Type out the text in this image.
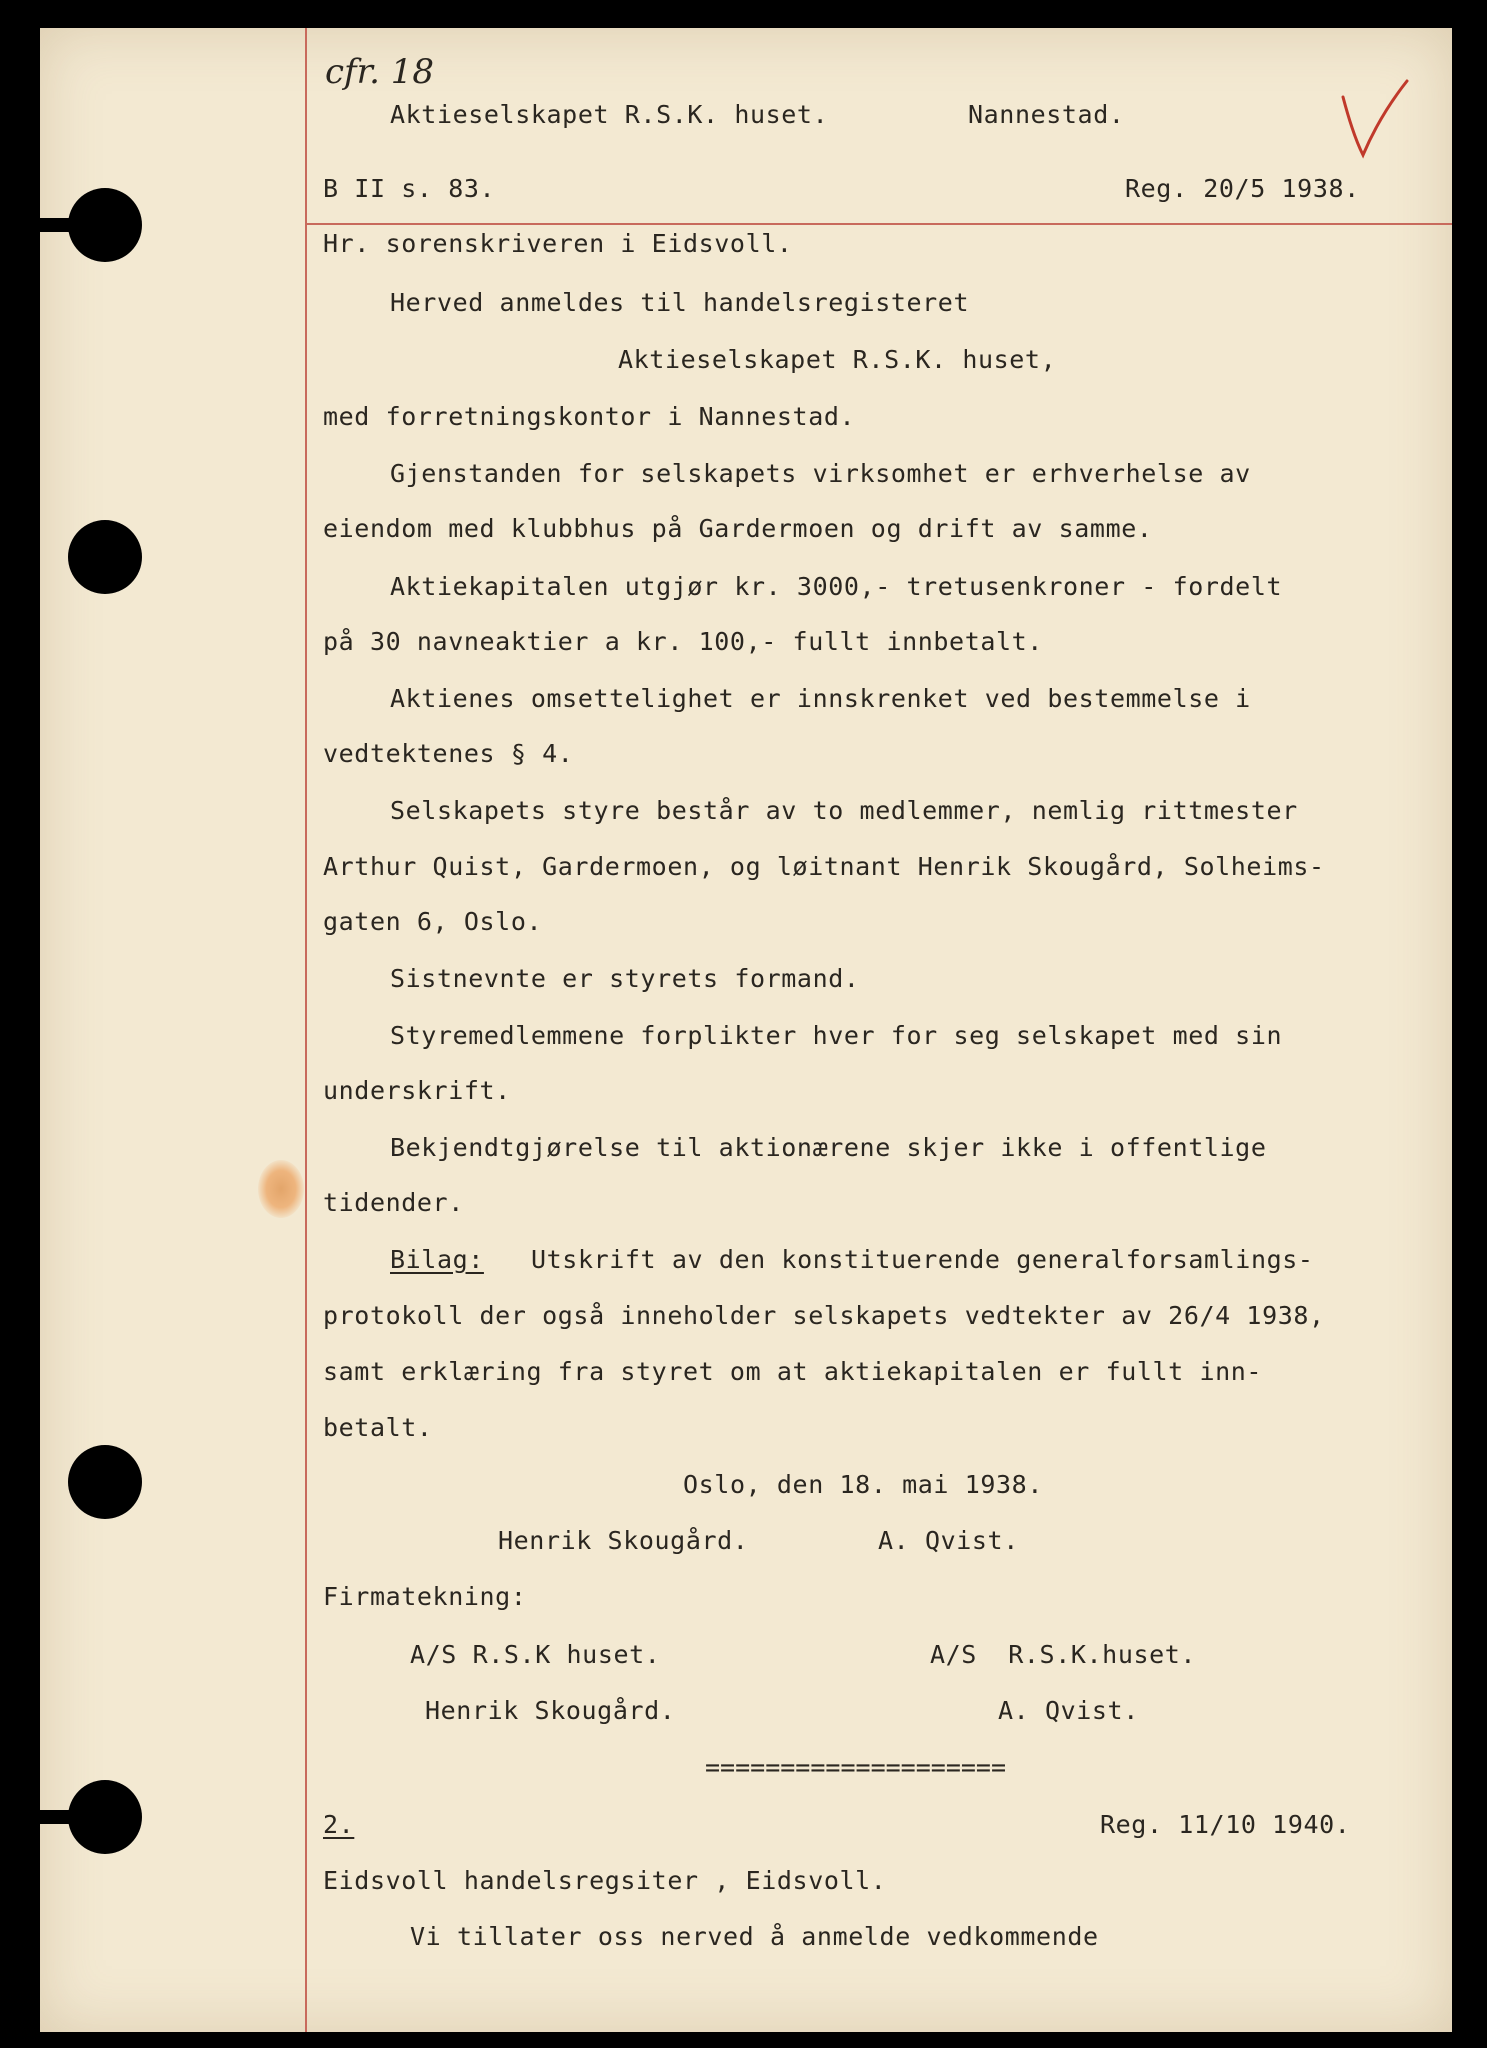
cfr. 18
Aktieselskapet R.S.K. huset.	Nannestad.
B II s. 83.	Reg. 20/5 1938.
Hr. sorenskriveren i Eidsvoll.
Herved anmeldes til handelsregisteret
Aktieselskapet R.S.K. huset,
med forretningskontor i Nannestad.
Gjenstanden for selskapets virksomhet er erhverhelse av
eiendom med klubbhus på Gardermoen og drift av samme.
Aktiekapitalen utgjør kr. 3000,- tretusenkroner - fordelt
på 30 navneaktier a kr. 100,- fullt innbetalt.
Aktienes omsettelighet er innskrenket ved bestemmelse i
vedtektenes § 4.
Selskapets styre består av to medlemmer, nemlig rittmester
Arthur Quist, Gardermoen, og løitnant Henrik Skougård, Solheims-
gaten 6, Oslo.
Sistnevnte er styrets formand.
Styremedlemmene forplikter hver for seg selskapet med sin
underskrift.
Bekjendtgjørelse til aktionærene skjer ikke i offentlige
tidender.
Bilag: Utskrift av den konstituerende generalforsamlings-
protokoll der også inneholder selskapets vedtekter av 26/4 1938,
samt erklæring fra styret om at aktiekapitalen er fullt inn-
betalt.
Oslo, den 18. mai 1938.
Henrik Skougård.	A. Qvist.
Firmatekning:
A/S R.S.K huset.	A/S  R.S.K.huset.
Henrik Skougård.	A. Qvist.
====================
2.	Reg. 11/10 1940.
Eidsvoll handelsregsiter , Eidsvoll.
Vi tillater oss nerved å anmelde vedkommende
